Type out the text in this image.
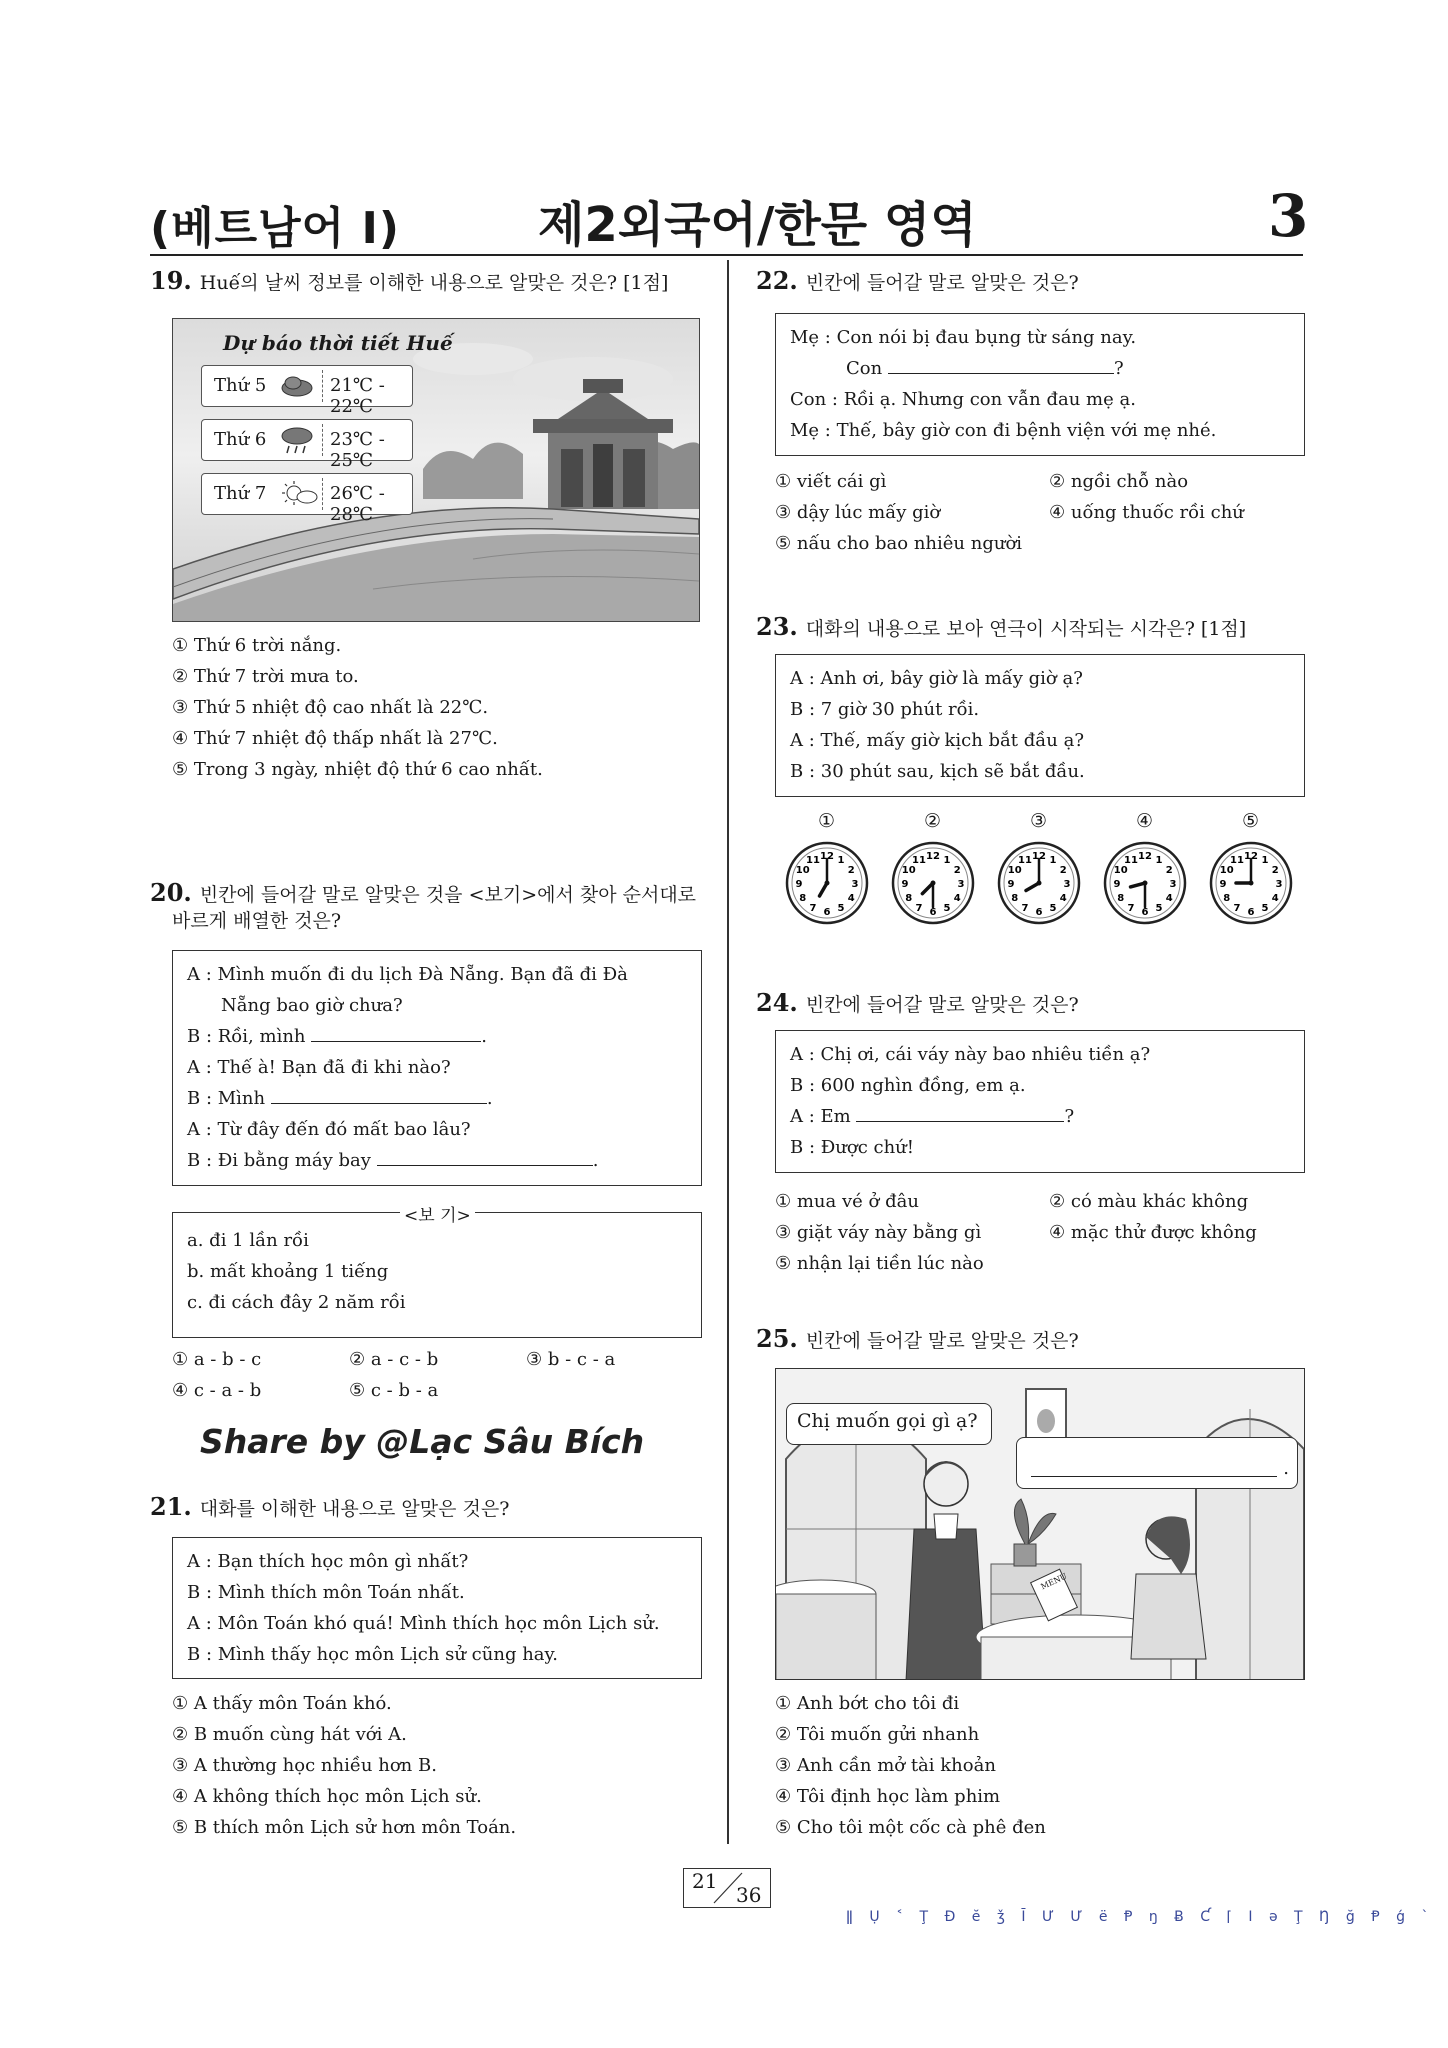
(베트남어 I)	제2외국어/한문 영역	3
19. Huế의 날씨 정보를 이해한 내용으로 알맞은 것은? [1점]
Dự báo thời tiết Huế
Thứ 5	21℃ - 22℃
Thứ 6	23℃ - 25℃
Thứ 7	26℃ - 28℃
① Thứ 6 trời nắng.
② Thứ 7 trời mưa to.
③ Thứ 5 nhiệt độ cao nhất là 22℃.
④ Thứ 7 nhiệt độ thấp nhất là 27℃.
⑤ Trong 3 ngày, nhiệt độ thứ 6 cao nhất.
20. 빈칸에 들어갈 말로 알맞은 것을 <보기>에서 찾아 순서대로
바르게 배열한 것은?
A : Mình muốn đi du lịch Đà Nẵng. Bạn đã đi Đà
Nẵng bao giờ chưa?
B : Rồi, mình	.
A : Thế à! Bạn đã đi khi nào?
B : Mình	.
A : Từ đây đến đó mất bao lâu?
B : Đi bằng máy bay	.
<보 기>
a. đi 1 lần rồi
b. mất khoảng 1 tiếng
c. đi cách đây 2 năm rồi
① a - b - c	② a - c - b	③ b - c - a
④ c - a - b	⑤ c - b - a
Share by @Lạc Sâu Bích
21. 대화를 이해한 내용으로 알맞은 것은?
A : Bạn thích học môn gì nhất?
B : Mình thích môn Toán nhất.
A : Môn Toán khó quá! Mình thích học môn Lịch sử.
B : Mình thấy học môn Lịch sử cũng hay.
① A thấy môn Toán khó.
② B muốn cùng hát với A.
③ A thường học nhiều hơn B.
④ A không thích học môn Lịch sử.
⑤ B thích môn Lịch sử hơn môn Toán.
22. 빈칸에 들어갈 말로 알맞은 것은?
Mẹ : Con nói bị đau bụng từ sáng nay.
Con	?
Con : Rồi ạ. Nhưng con vẫn đau mẹ ạ.
Mẹ : Thế, bây giờ con đi bệnh viện với mẹ nhé.
① viết cái gì	② ngồi chỗ nào
③ dậy lúc mấy giờ	④ uống thuốc rồi chứ
⑤ nấu cho bao nhiêu người
23. 대화의 내용으로 보아 연극이 시작되는 시각은? [1점]
A : Anh ơi, bây giờ là mấy giờ ạ?
B : 7 giờ 30 phút rồi.
A : Thế, mấy giờ kịch bắt đầu ạ?
B : 30 phút sau, kịch sẽ bắt đầu.
①
12 1
2
3
4
5
6
7
8
9
10
11
②
12 1
2
3
4
5
6
7
8
9
10
11
③
12 1
2
3
4
5
6
7
8
9
10
11
④
12 1
2
3
4
5
6
7
8
9
10
11
⑤
12 1
2
3
4
5
6
7
8
9
10
11
24. 빈칸에 들어갈 말로 알맞은 것은?
A : Chị ơi, cái váy này bao nhiêu tiền ạ?
B : 600 nghìn đồng, em ạ.
A : Em	?
B : Được chứ!
① mua vé ở đâu	② có màu khác không
③ giặt váy này bằng gì	④ mặc thử được không
⑤ nhận lại tiền lúc nào
25. 빈칸에 들어갈 말로 알맞은 것은?
Chị muốn gọi gì ạ?
.
MENU
① Anh bớt cho tôi đi
② Tôi muốn gửi nhanh
③ Anh cần mở tài khoản
④ Tôi định học làm phim
⑤ Cho tôi một cốc cà phê đen
21
36
ǁ Ụ ˂ Ţ Ð ĕ ǯ Ī Ư Ư ë Ᵽ ŋ Ƀ Ƈ ⌈ Ӏ ə Ţ Ŋ ğ Ᵽ ǵ ˋ
